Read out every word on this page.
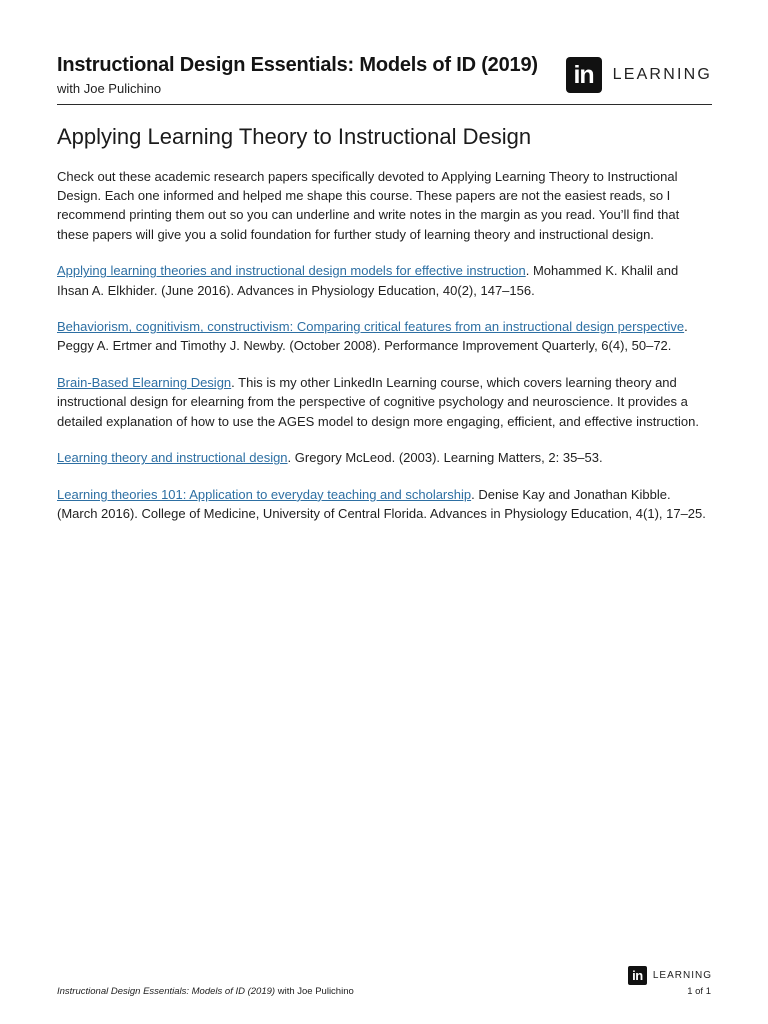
Instructional Design Essentials: Models of ID (2019)
with Joe Pulichino	in	LEARNING
Applying Learning Theory to Instructional Design

Check out these academic research papers specifically devoted to Applying Learning Theory to Instructional Design. Each one informed and helped me shape this course. These papers are not the easiest reads, so I recommend printing them out so you can underline and write notes in the margin as you read. You’ll find that these papers will give you a solid foundation for further study of learning theory and instructional design.

Applying learning theories and instructional design models for effective instruction. Mohammed K. Khalil and Ihsan A. Elkhider. (June 2016). Advances in Physiology Education, 40(2), 147–156.

Behaviorism, cognitivism, constructivism: Comparing critical features from an instructional design perspective. Peggy A. Ertmer and Timothy J. Newby. (October 2008). Performance Improvement Quarterly, 6(4), 50–72.

Brain-Based Elearning Design. This is my other LinkedIn Learning course, which covers learning theory and instructional design for elearning from the perspective of cognitive psychology and neuroscience. It provides a detailed explanation of how to use the AGES model to design more engaging, efficient, and effective instruction.

Learning theory and instructional design. Gregory McLeod. (2003). Learning Matters, 2: 35–53.

Learning theories 101: Application to everyday teaching and scholarship. Denise Kay and Jonathan Kibble. (March 2016). College of Medicine, University of Central Florida. Advances in Physiology Education, 4(1), 17–25.

in	LEARNING
Instructional Design Essentials: Models of ID (2019) with Joe Pulichino	1 of 1
